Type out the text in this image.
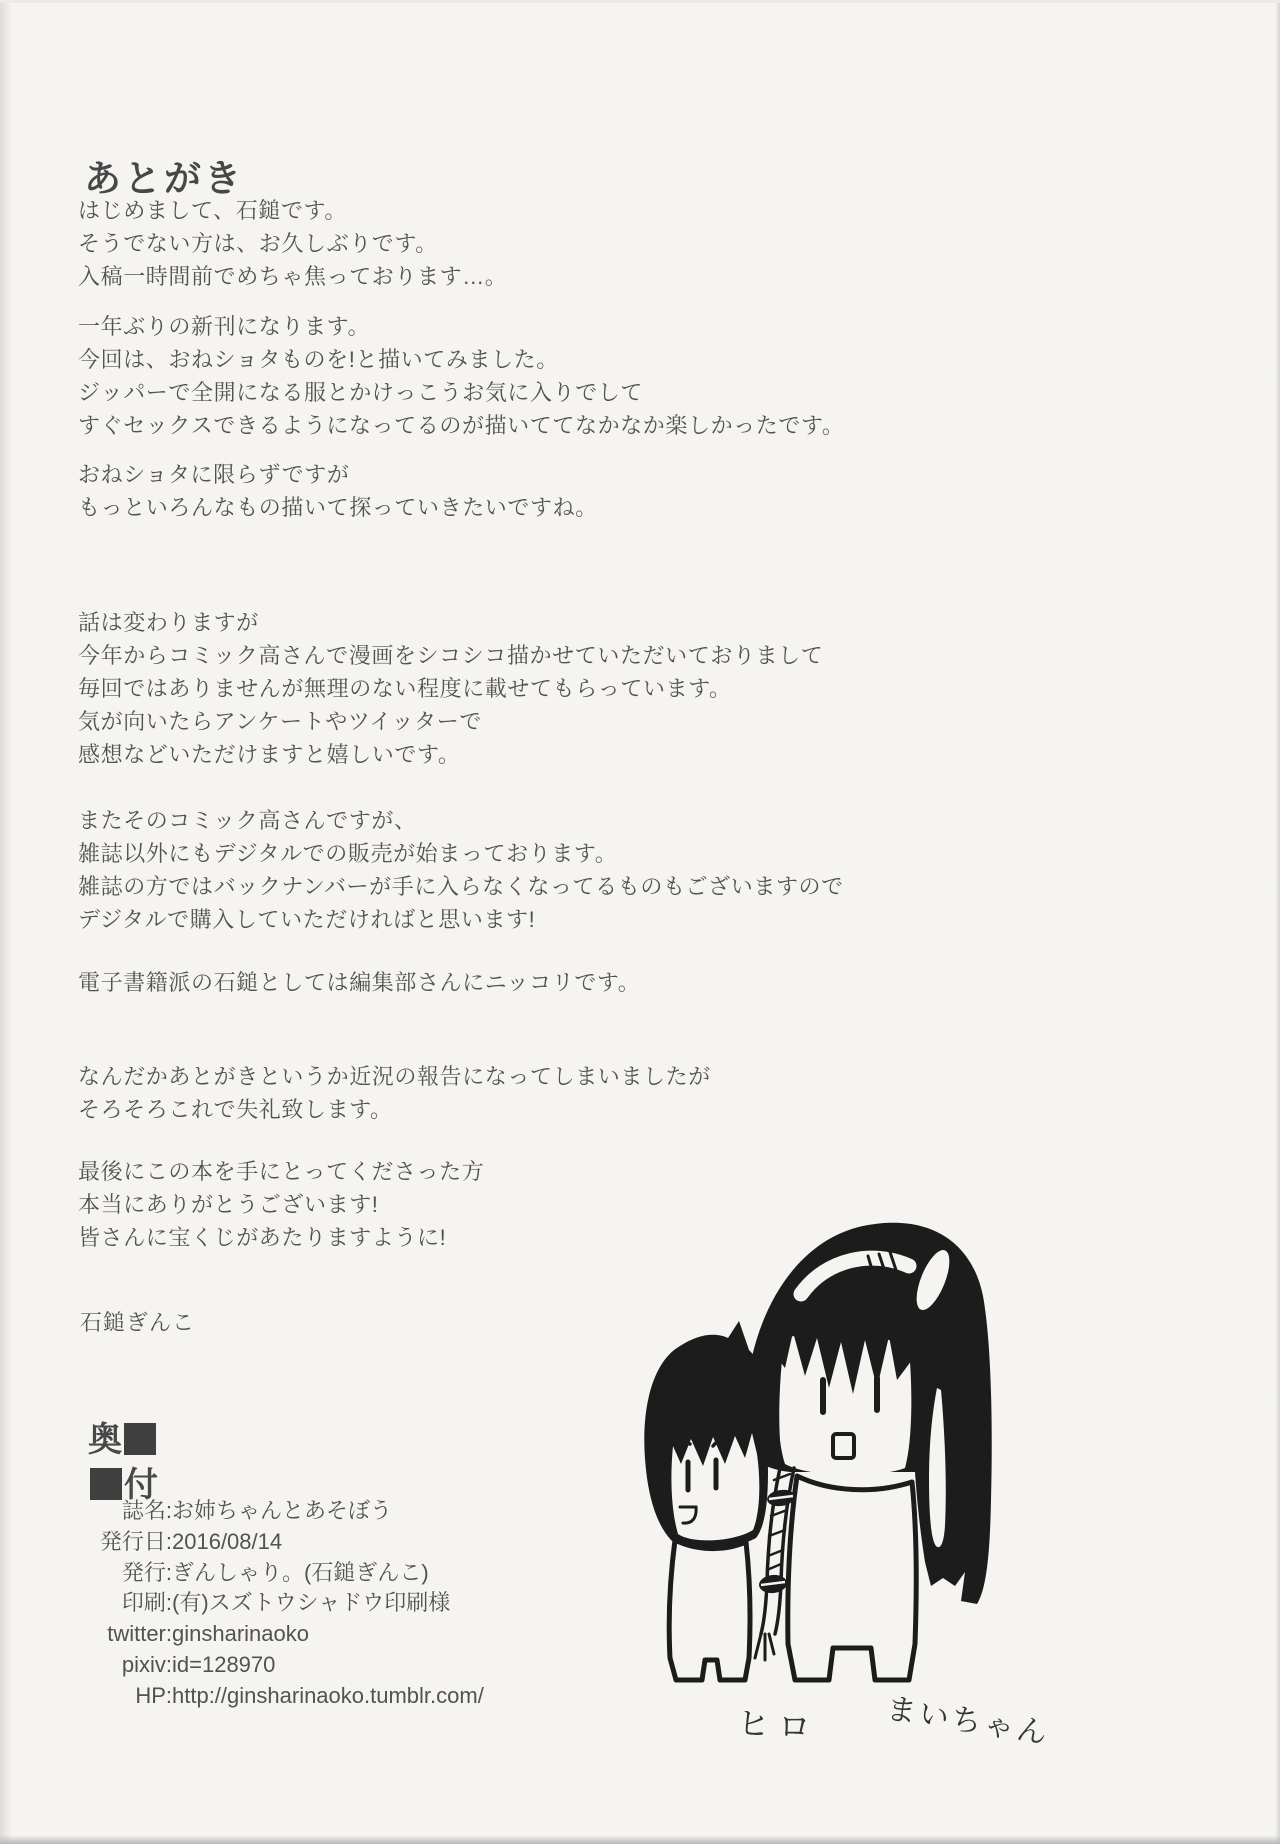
あとがき
はじめまして、石鎚です。
そうでない方は、お久しぶりです。
入稿一時間前でめちゃ焦っております…。
一年ぶりの新刊になります。
今回は、おねショタものを!と描いてみました。
ジッパーで全開になる服とかけっこうお気に入りでして
すぐセックスできるようになってるのが描いててなかなか楽しかったです。
おねショタに限らずですが
もっといろんなもの描いて探っていきたいですね。
話は変わりますが
今年からコミック高さんで漫画をシコシコ描かせていただいておりまして
毎回ではありませんが無理のない程度に載せてもらっています。
気が向いたらアンケートやツイッターで
感想などいただけますと嬉しいです。
またそのコミック高さんですが、
雑誌以外にもデジタルでの販売が始まっております。
雑誌の方ではバックナンバーが手に入らなくなってるものもございますので
デジタルで購入していただければと思います!
電子書籍派の石鎚としては編集部さんにニッコリです。
なんだかあとがきというか近況の報告になってしまいましたが
そろそろこれで失礼致します。
最後にこの本を手にとってくださった方
本当にありがとうございます!
皆さんに宝くじがあたりますように!
石鎚ぎんこ
奥
付
誌名: お姉ちゃんとあそぼう
発行日: 2016/08/14
発行: ぎんしゃり。(石鎚ぎんこ)
印刷: (有)スズトウシャドウ印刷様
twitter: ginsharinaoko
pixiv: id=128970
HP: http://ginsharinaoko.tumblr.com/
ヒロ まいちゃん
